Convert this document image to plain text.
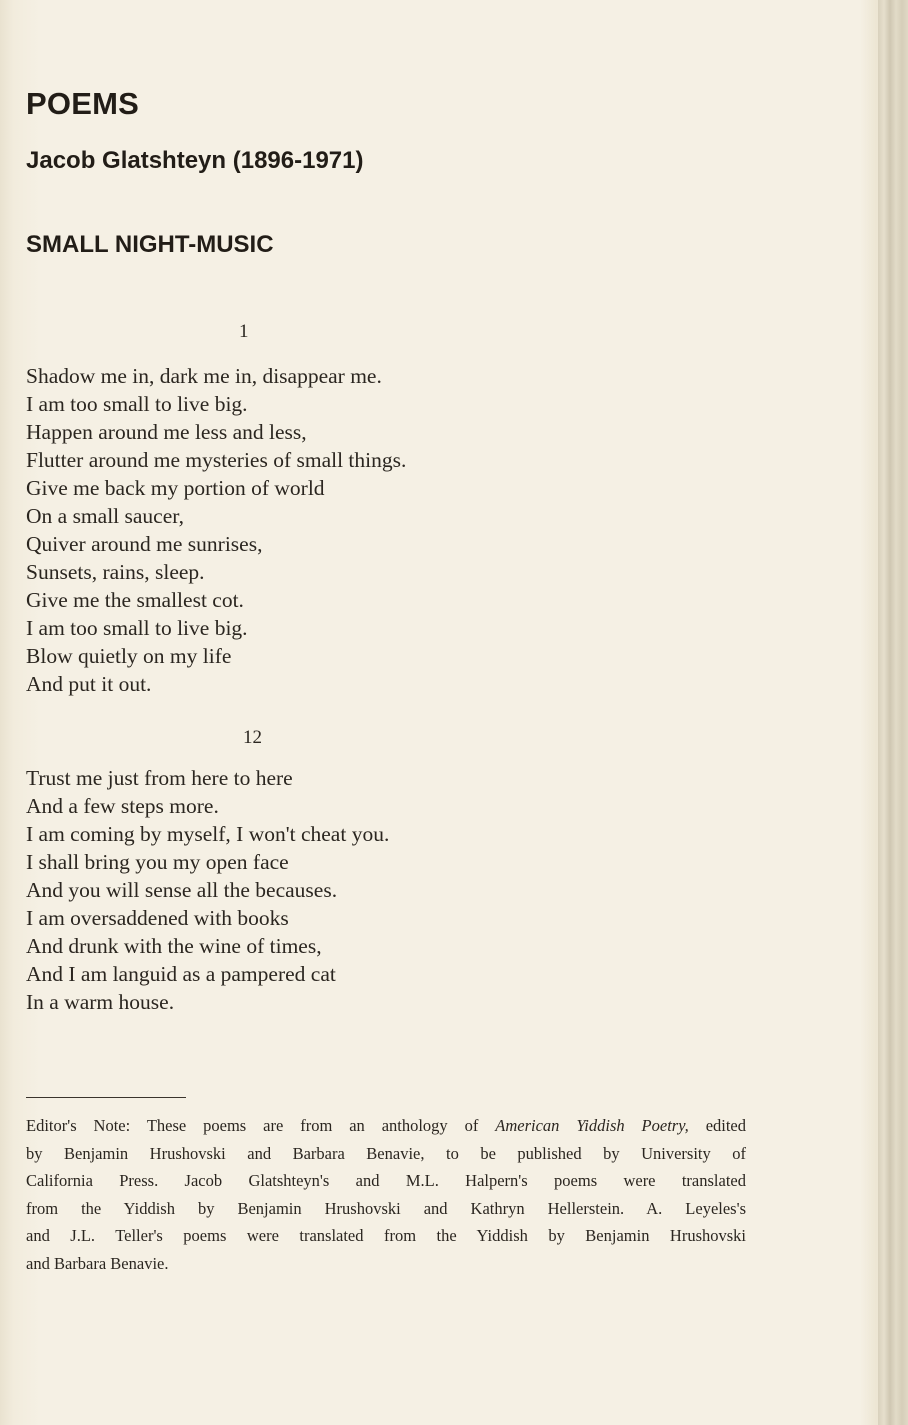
POEMS
Jacob Glatshteyn (1896-1971)
SMALL NIGHT-MUSIC
1
Shadow me in, dark me in, disappear me.
I am too small to live big.
Happen around me less and less,
Flutter around me mysteries of small things.
Give me back my portion of world
On a small saucer,
Quiver around me sunrises,
Sunsets, rains, sleep.
Give me the smallest cot.
I am too small to live big.
Blow quietly on my life
And put it out.
12
Trust me just from here to here
And a few steps more.
I am coming by myself, I won't cheat you.
I shall bring you my open face
And you will sense all the becauses.
I am oversaddened with books
And drunk with the wine of times,
And I am languid as a pampered cat
In a warm house.

Editor's Note: These poems are from an anthology of American Yiddish Poetry, edited
by Benjamin Hrushovski and Barbara Benavie, to be published by University of
California Press. Jacob Glatshteyn's and M.L. Halpern's poems were translated
from the Yiddish by Benjamin Hrushovski and Kathryn Hellerstein. A. Leyeles's
and J.L. Teller's poems were translated from the Yiddish by Benjamin Hrushovski
and Barbara Benavie.
